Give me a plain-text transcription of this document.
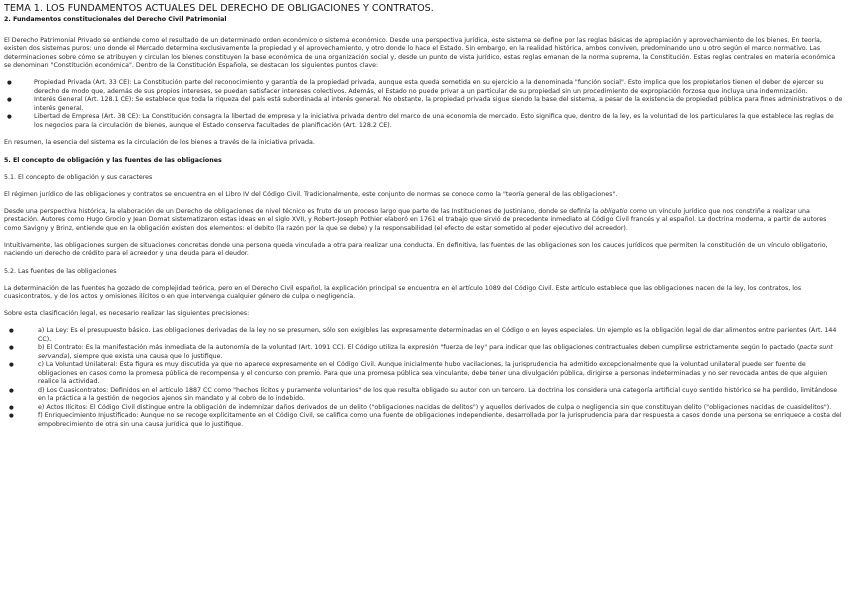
TEMA 1. LOS FUNDAMENTOS ACTUALES DEL DERECHO DE OBLIGACIONES Y CONTRATOS.
2. Fundamentos constitucionales del Derecho Civil Patrimonial

El Derecho Patrimonial Privado se entiende como el resultado de un determinado orden económico o sistema económico. Desde una perspectiva jurídica, este sistema se define por las reglas básicas de apropiación y aprovechamiento de los bienes. En teoría, existen dos sistemas puros: uno donde el Mercado determina exclusivamente la propiedad y el aprovechamiento, y otro donde lo hace el Estado. Sin embargo, en la realidad histórica, ambos conviven, predominando uno u otro según el marco normativo. Las determinaciones sobre cómo se atribuyen y circulan los bienes constituyen la base económica de una organización social y, desde un punto de vista jurídico, estas reglas emanan de la norma suprema, la Constitución. Estas reglas centrales en materia económica se denominan "Constitución económica". Dentro de la Constitución Española, se destacan los siguientes puntos clave:

● Propiedad Privada (Art. 33 CE): La Constitución parte del reconocimiento y garantía de la propiedad privada, aunque esta queda sometida en su ejercicio a la denominada "función social". Esto implica que los propietarios tienen el deber de ejercer su derecho de modo que, además de sus propios intereses, se puedan satisfacer intereses colectivos. Además, el Estado no puede privar a un particular de su propiedad sin un procedimiento de expropiación forzosa que incluya una indemnización.
● Interés General (Art. 128.1 CE): Se establece que toda la riqueza del país está subordinada al interés general. No obstante, la propiedad privada sigue siendo la base del sistema, a pesar de la existencia de propiedad pública para fines administrativos o de interés general.
● Libertad de Empresa (Art. 38 CE): La Constitución consagra la libertad de empresa y la iniciativa privada dentro del marco de una economía de mercado. Esto significa que, dentro de la ley, es la voluntad de los particulares la que establece las reglas de los negocios para la circulación de bienes, aunque el Estado conserva facultades de planificación (Art. 128.2 CE).

En resumen, la esencia del sistema es la circulación de los bienes a través de la iniciativa privada.

5. El concepto de obligación y las fuentes de las obligaciones

5.1. El concepto de obligación y sus caracteres

El régimen jurídico de las obligaciones y contratos se encuentra en el Libro IV del Código Civil. Tradicionalmente, este conjunto de normas se conoce como la "teoría general de las obligaciones".

Desde una perspectiva histórica, la elaboración de un Derecho de obligaciones de nivel técnico es fruto de un proceso largo que parte de las Instituciones de Justiniano, donde se definía la obligatio como un vínculo jurídico que nos constriñe a realizar una prestación. Autores como Hugo Grocio y Jean Domat sistematizaron estas ideas en el siglo XVII, y Robert-Joseph Pothier elaboró en 1761 el trabajo que sirvió de precedente inmediato al Código Civil francés y al español. La doctrina moderna, a partir de autores como Savigny y Brinz, entiende que en la obligación existen dos elementos: el debito (la razón por la que se debe) y la responsabilidad (el efecto de estar sometido al poder ejecutivo del acreedor).

Intuitivamente, las obligaciones surgen de situaciones concretas donde una persona queda vinculada a otra para realizar una conducta. En definitiva, las fuentes de las obligaciones son los cauces jurídicos que permiten la constitución de un vínculo obligatorio, naciendo un derecho de crédito para el acreedor y una deuda para el deudor.

5.2. Las fuentes de las obligaciones

La determinación de las fuentes ha gozado de complejidad teórica, pero en el Derecho Civil español, la explicación principal se encuentra en el artículo 1089 del Código Civil. Este artículo establece que las obligaciones nacen de la ley, los contratos, los cuasicontratos, y de los actos y omisiones ilícitos o en que intervenga cualquier género de culpa o negligencia.

Sobre esta clasificación legal, es necesario realizar las siguientes precisiones:

● a) La Ley: Es el presupuesto básico. Las obligaciones derivadas de la ley no se presumen, sólo son exigibles las expresamente determinadas en el Código o en leyes especiales. Un ejemplo es la obligación legal de dar alimentos entre parientes (Art. 144 CC).
● b) El Contrato: Es la manifestación más inmediata de la autonomía de la voluntad (Art. 1091 CC). El Código utiliza la expresión "fuerza de ley" para indicar que las obligaciones contractuales deben cumplirse estrictamente según lo pactado (pacta sunt servanda), siempre que exista una causa que lo justifique.
● c) La Voluntad Unilateral: Esta figura es muy discutida ya que no aparece expresamente en el Código Civil. Aunque inicialmente hubo vacilaciones, la jurisprudencia ha admitido excepcionalmente que la voluntad unilateral puede ser fuente de obligaciones en casos como la promesa pública de recompensa y el concurso con premio. Para que una promesa pública sea vinculante, debe tener una divulgación pública, dirigirse a personas indeterminadas y no ser revocada antes de que alguien realice la actividad.
● d) Los Cuasicontratos: Definidos en el artículo 1887 CC como "hechos lícitos y puramente voluntarios" de los que resulta obligado su autor con un tercero. La doctrina los considera una categoría artificial cuyo sentido histórico se ha perdido, limitándose en la práctica a la gestión de negocios ajenos sin mandato y al cobro de lo indebido.
● e) Actos Ilícitos: El Código Civil distingue entre la obligación de indemnizar daños derivados de un delito ("obligaciones nacidas de delitos") y aquellos derivados de culpa o negligencia sin que constituyan delito ("obligaciones nacidas de cuasidelitos").
● f) Enriquecimiento Injustificado: Aunque no se recoge explícitamente en el Código Civil, se califica como una fuente de obligaciones independiente, desarrollada por la jurisprudencia para dar respuesta a casos donde una persona se enriquece a costa del empobrecimiento de otra sin una causa jurídica que lo justifique.
